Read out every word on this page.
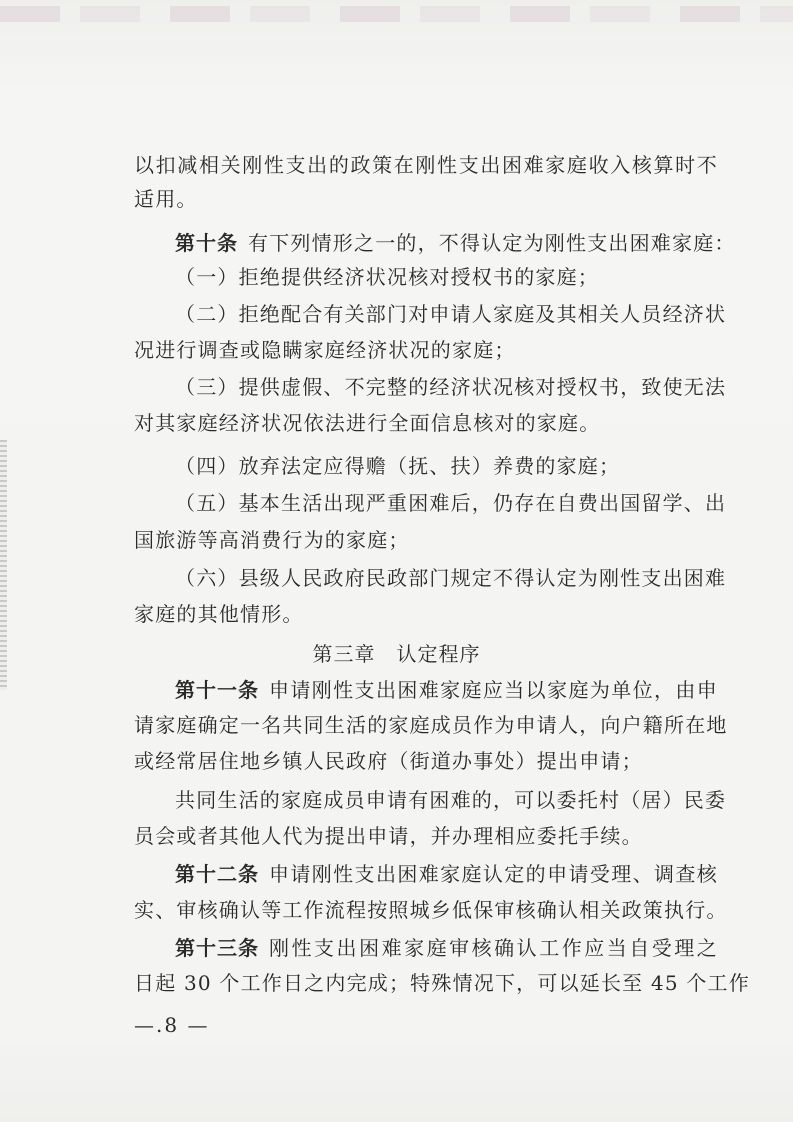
以扣减相关刚性支出的政策在刚性支出困难家庭收入核算时不
适用。
第十条 有下列情形之一的，不得认定为刚性支出困难家庭：
（一）拒绝提供经济状况核对授权书的家庭；
（二）拒绝配合有关部门对申请人家庭及其相关人员经济状
况进行调查或隐瞒家庭经济状况的家庭；
（三）提供虚假、不完整的经济状况核对授权书，致使无法
对其家庭经济状况依法进行全面信息核对的家庭。
（四）放弃法定应得赡（抚、扶）养费的家庭；
（五）基本生活出现严重困难后，仍存在自费出国留学、出
国旅游等高消费行为的家庭；
（六）县级人民政府民政部门规定不得认定为刚性支出困难
家庭的其他情形。
第三章　认定程序
第十一条 申请刚性支出困难家庭应当以家庭为单位，由申
请家庭确定一名共同生活的家庭成员作为申请人，向户籍所在地
或经常居住地乡镇人民政府（街道办事处）提出申请；
共同生活的家庭成员申请有困难的，可以委托村（居）民委
员会或者其他人代为提出申请，并办理相应委托手续。
第十二条 申请刚性支出困难家庭认定的申请受理、调查核
实、审核确认等工作流程按照城乡低保审核确认相关政策执行。
第十三条 刚性支出困难家庭审核确认工作应当自受理之
日起 30 个工作日之内完成；特殊情况下，可以延长至 45 个工作
—.8 —
